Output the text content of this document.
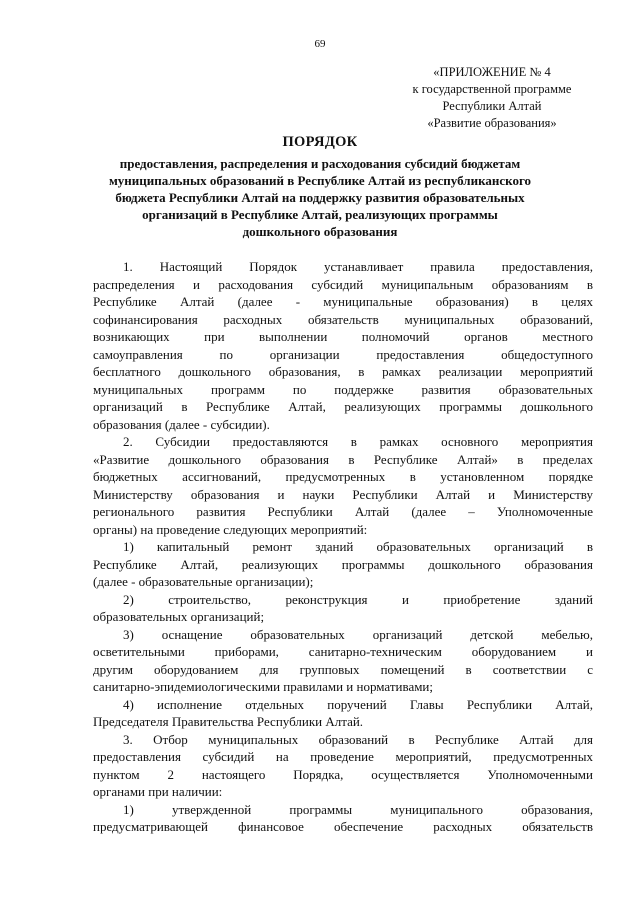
69
«ПРИЛОЖЕНИЕ № 4
к государственной программе
Республики Алтай
«Развитие образования»
ПОРЯДОК
предоставления, распределения и расходования субсидий бюджетам
муниципальных образований в Республике Алтай из республиканского
бюджета Республики Алтай на поддержку развития образовательных
организаций в Республике Алтай, реализующих программы
дошкольного образования
1. Настоящий Порядок устанавливает правила предоставления,
распределения и расходования субсидий муниципальным образованиям в
Республике Алтай (далее - муниципальные образования) в целях
софинансирования расходных обязательств муниципальных образований,
возникающих при выполнении полномочий органов местного
самоуправления по организации предоставления общедоступного
бесплатного дошкольного образования, в рамках реализации мероприятий
муниципальных программ по поддержке развития образовательных
организаций в Республике Алтай, реализующих программы дошкольного
образования (далее - субсидии).
2. Субсидии предоставляются в рамках основного мероприятия
«Развитие дошкольного образования в Республике Алтай» в пределах
бюджетных ассигнований, предусмотренных в установленном порядке
Министерству образования и науки Республики Алтай и Министерству
регионального развития Республики Алтай (далее – Уполномоченные
органы) на проведение следующих мероприятий:
1) капитальный ремонт зданий образовательных организаций в
Республике Алтай, реализующих программы дошкольного образования
(далее - образовательные организации);
2) строительство, реконструкция и приобретение зданий
образовательных организаций;
3) оснащение образовательных организаций детской мебелью,
осветительными приборами, санитарно-техническим оборудованием и
другим оборудованием для групповых помещений в соответствии с
санитарно-эпидемиологическими правилами и нормативами;
4) исполнение отдельных поручений Главы Республики Алтай,
Председателя Правительства Республики Алтай.
3. Отбор муниципальных образований в Республике Алтай для
предоставления субсидий на проведение мероприятий, предусмотренных
пунктом 2 настоящего Порядка, осуществляется Уполномоченными
органами при наличии:
1) утвержденной программы муниципального образования,
предусматривающей финансовое обеспечение расходных обязательств
